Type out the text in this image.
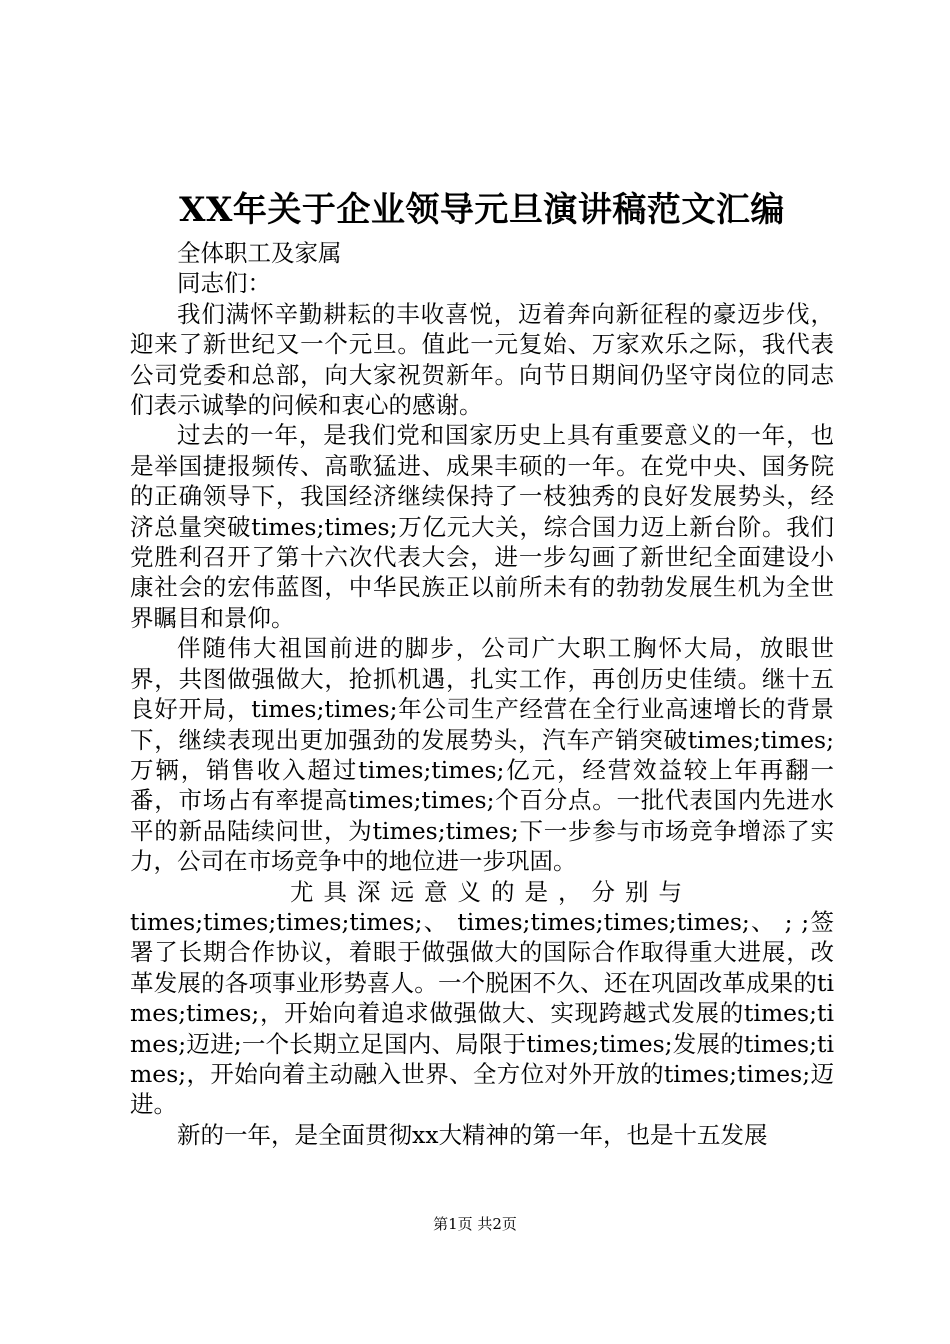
XX年关于企业领导元旦演讲稿范文汇编

全体职工及家属

同志们：

我们满怀辛勤耕耘的丰收喜悦，迈着奔向新征程的豪迈步伐，迎来了新世纪又一个元旦。值此一元复始、万家欢乐之际，我代表公司党委和总部，向大家祝贺新年。向节日期间仍坚守岗位的同志们表示诚挚的问候和衷心的感谢。

过去的一年，是我们党和国家历史上具有重要意义的一年，也是举国捷报频传、高歌猛进、成果丰硕的一年。在党中央、国务院的正确领导下，我国经济继续保持了一枝独秀的良好发展势头，经济总量突破times;times;万亿元大关，综合国力迈上新台阶。我们党胜利召开了第十六次代表大会，进一步勾画了新世纪全面建设小康社会的宏伟蓝图，中华民族正以前所未有的勃勃发展生机为全世界瞩目和景仰。

伴随伟大祖国前进的脚步，公司广大职工胸怀大局，放眼世界，共图做强做大，抢抓机遇，扎实工作，再创历史佳绩。继十五良好开局，times;times;年公司生产经营在全行业高速增长的背景下，继续表现出更加强劲的发展势头，汽车产销突破times;times;万辆，销售收入超过times;times;亿元，经营效益较上年再翻一番，市场占有率提高times;times;个百分点。一批代表国内先进水平的新品陆续问世，为times;times;下一步参与市场竞争增添了实力，公司在市场竞争中的地位进一步巩固。

尤具深远意义的是，分别与

times;times;times;times;、 times;times;times;times;、 ; ;签署了长期合作协议，着眼于做强做大的国际合作取得重大进展，改革发展的各项事业形势喜人。一个脱困不久、还在巩固改革成果的times;times;，开始向着追求做强做大、实现跨越式发展的times;times;迈进;一个长期立足国内、局限于times;times;发展的times;times;，开始向着主动融入世界、全方位对外开放的times;times;迈进。

新的一年，是全面贯彻xx大精神的第一年，也是十五发展

第1页 共2页
